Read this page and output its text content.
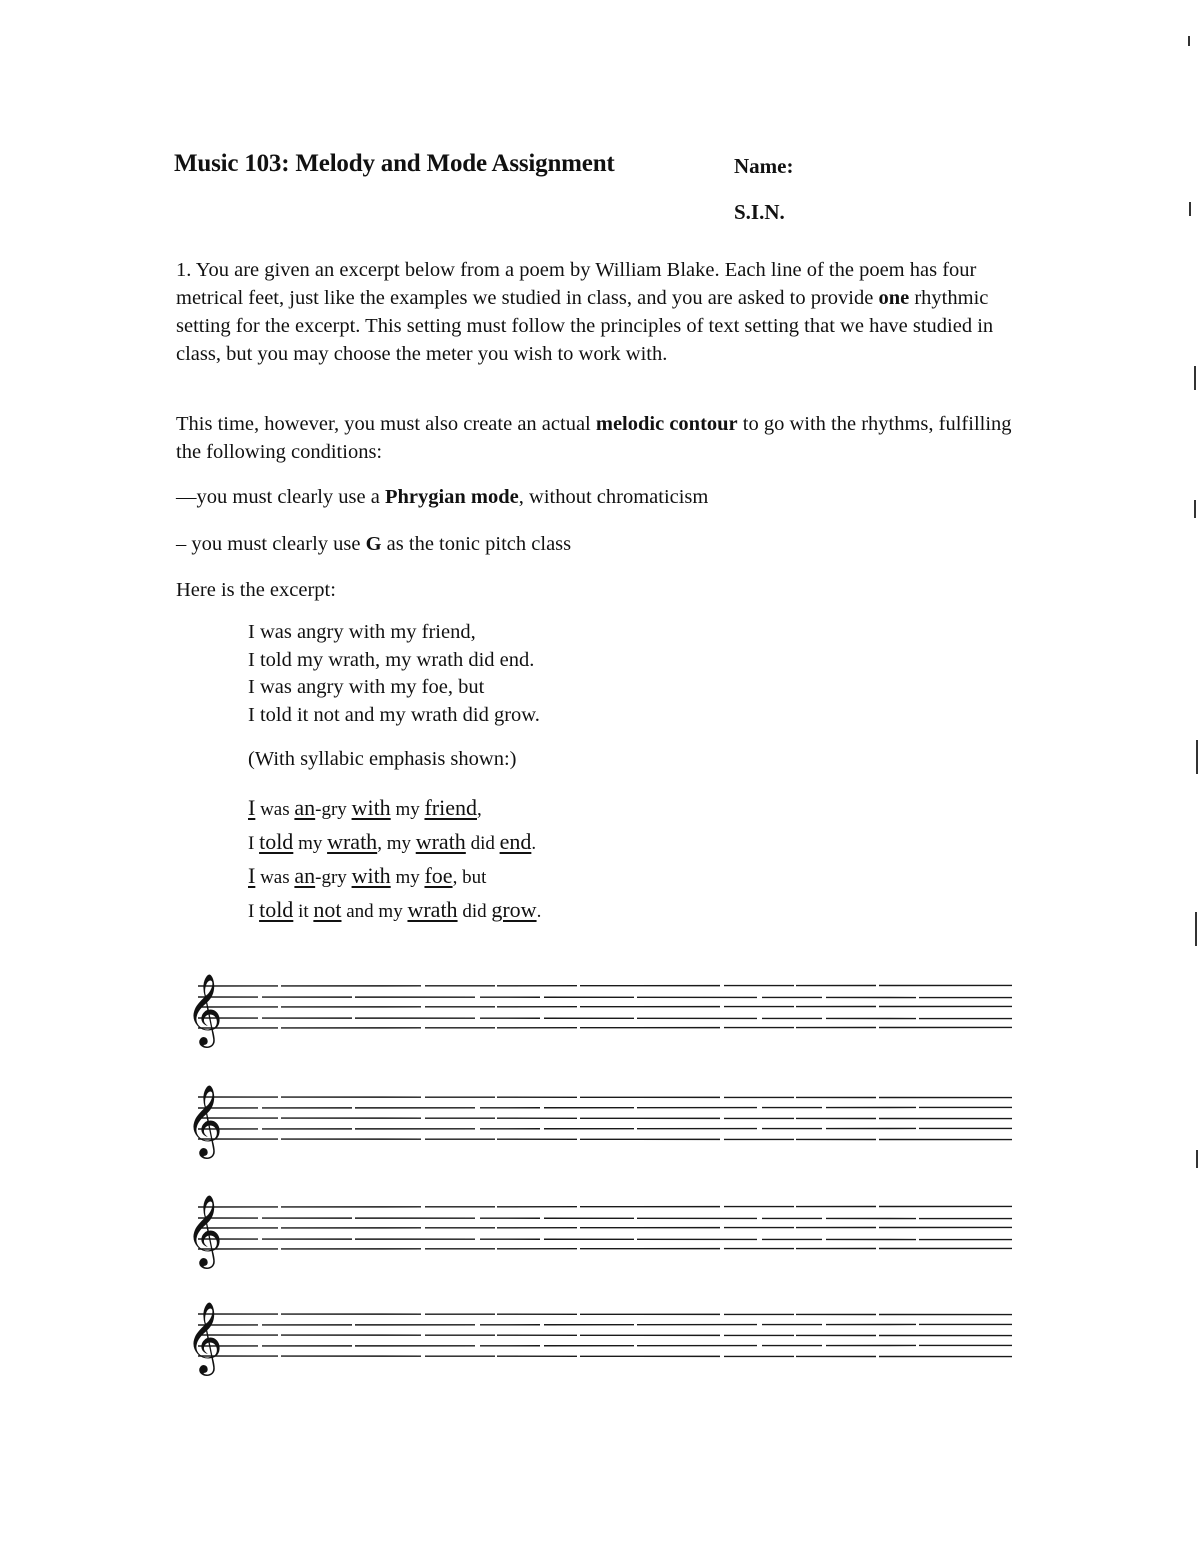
Music 103: Melody and Mode Assignment	Name:
S.I.N.
1. You are given an excerpt below from a poem by William Blake. Each line of the poem has four metrical feet, just like the examples we studied in class, and you are asked to provide one rhythmic setting for the excerpt. This setting must follow the principles of text setting that we have studied in class, but you may choose the meter you wish to work with.
This time, however, you must also create an actual melodic contour to go with the rhythms, fulfilling the following conditions:
—you must clearly use a Phrygian mode, without chromaticism
– you must clearly use G as the tonic pitch class
Here is the excerpt:
I was angry with my friend,
I told my wrath, my wrath did end.
I was angry with my foe, but
I told it not and my wrath did grow.
(With syllabic emphasis shown:)
I was an-gry with my friend,
I told my wrath, my wrath did end.
I was an-gry with my foe, but
I told it not and my wrath did grow.
𝄞
𝄞
𝄞
𝄞
